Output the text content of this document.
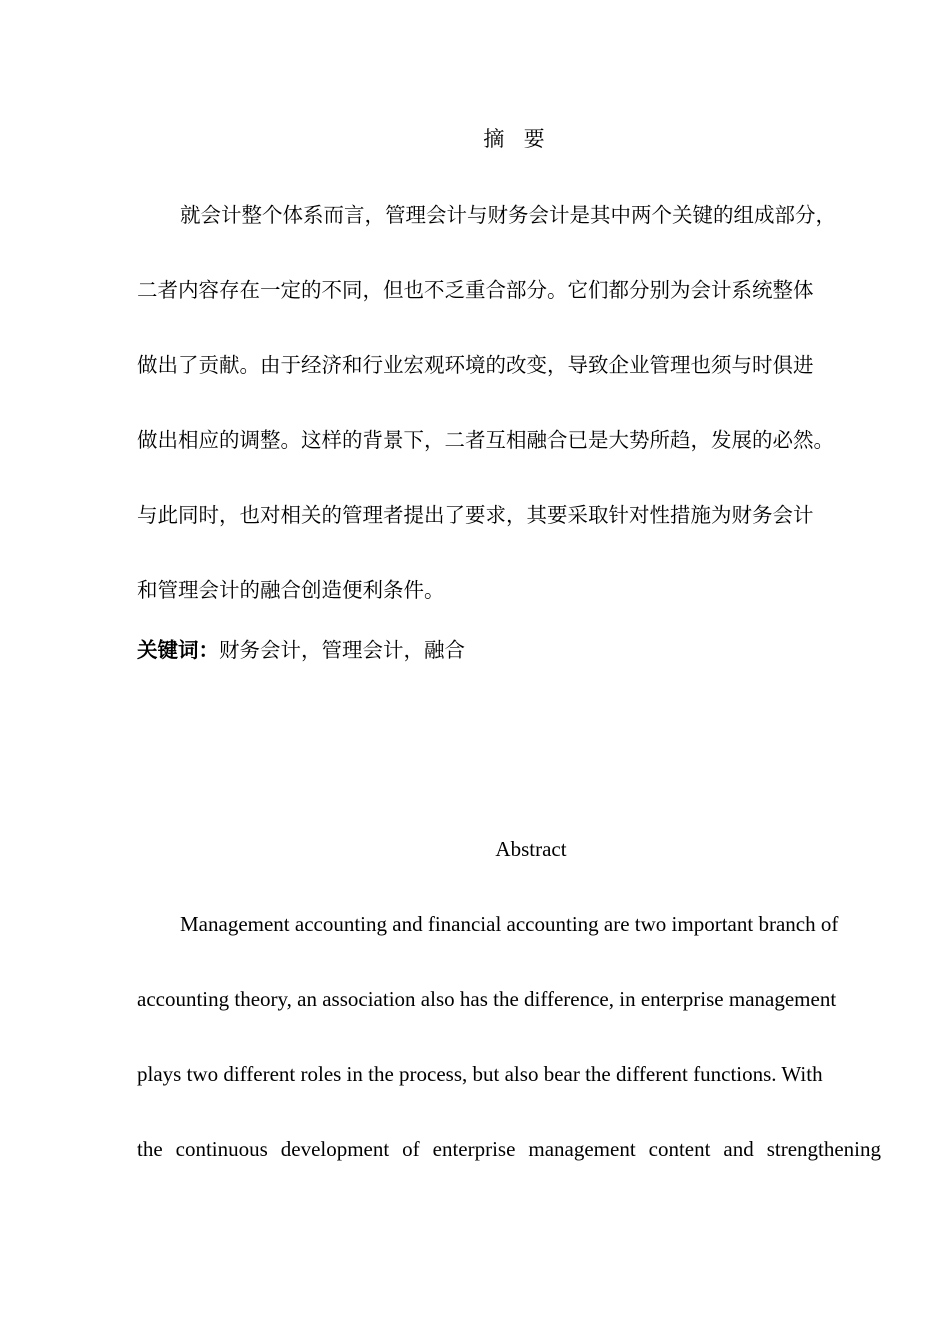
摘  要
就会计整个体系而言，管理会计与财务会计是其中两个关键的组成部分，
二者内容存在一定的不同，但也不乏重合部分。它们都分别为会计系统整体
做出了贡献。由于经济和行业宏观环境的改变，导致企业管理也须与时俱进
做出相应的调整。这样的背景下，二者互相融合已是大势所趋，发展的必然。
与此同时，也对相关的管理者提出了要求，其要采取针对性措施为财务会计
和管理会计的融合创造便利条件。
关键词：财务会计，管理会计，融合
Abstract
Management accounting and financial accounting are two important branch of
accounting theory, an association also has the difference, in enterprise management
plays two different roles in the process, but also bear the different functions. With
the continuous development of enterprise management content and strengthening
